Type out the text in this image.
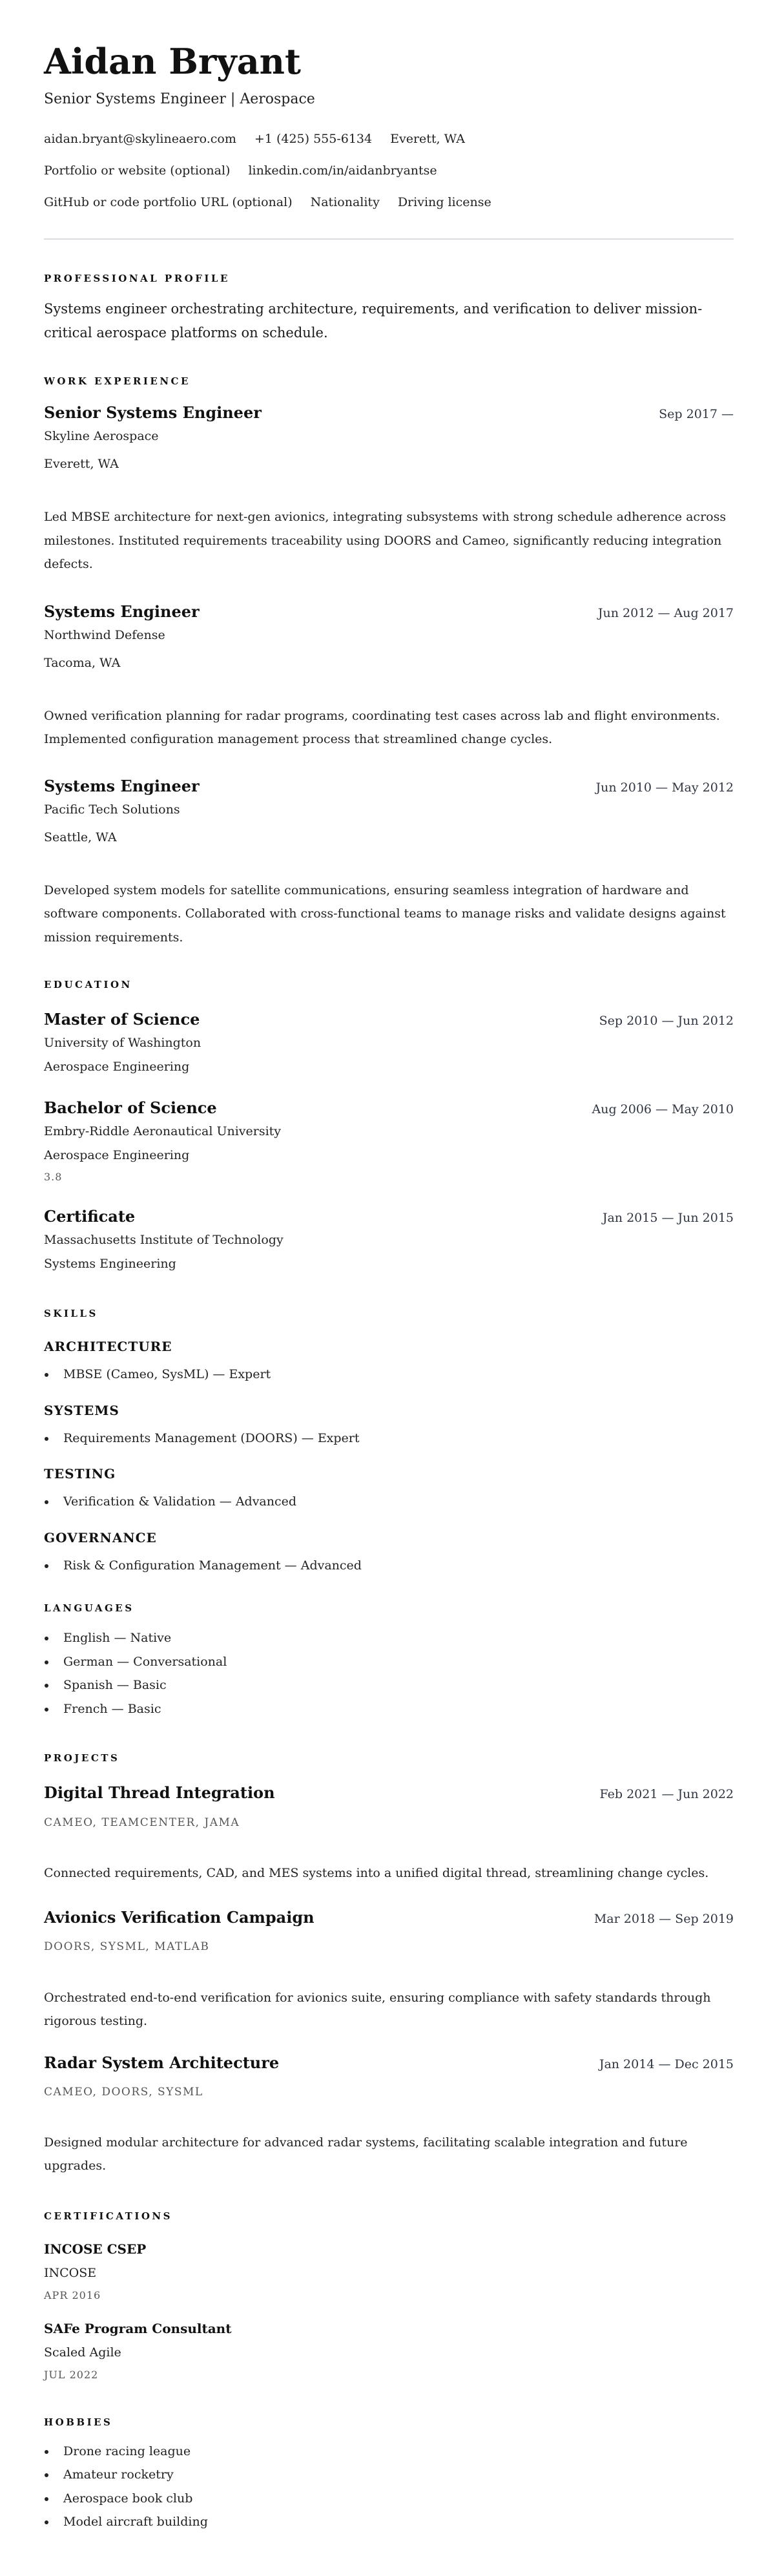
Aidan Bryant

Senior Systems Engineer | Aerospace

aidan.bryant@skylineaero.com +1 (425) 555-6134 Everett, WA
Portfolio or website (optional) linkedin.com/in/aidanbryantse
GitHub or code portfolio URL (optional) Nationality Driving license
PROFESSIONAL PROFILE

Systems engineer orchestrating architecture, requirements, and verification to deliver mission-critical aerospace platforms on schedule.

WORK EXPERIENCE
Senior Systems Engineer	Sep 2017 —
Skyline Aerospace
Everett, WA

Led MBSE architecture for next-gen avionics, integrating subsystems with strong schedule adherence across milestones. Instituted requirements traceability using DOORS and Cameo, significantly reducing integration defects.

Systems Engineer	Jun 2012 — Aug 2017
Northwind Defense
Tacoma, WA

Owned verification planning for radar programs, coordinating test cases across lab and flight environments. Implemented configuration management process that streamlined change cycles.

Systems Engineer	Jun 2010 — May 2012
Pacific Tech Solutions
Seattle, WA

Developed system models for satellite communications, ensuring seamless integration of hardware and software components. Collaborated with cross-functional teams to manage risks and validate designs against mission requirements.

EDUCATION
Master of Science	Sep 2010 — Jun 2012
University of Washington
Aerospace Engineering
Bachelor of Science	Aug 2006 — May 2010
Embry-Riddle Aeronautical University
Aerospace Engineering
3.8
Certificate	Jan 2015 — Jun 2015
Massachusetts Institute of Technology
Systems Engineering
SKILLS
ARCHITECTURE
MBSE (Cameo, SysML) — Expert
SYSTEMS
Requirements Management (DOORS) — Expert
TESTING
Verification & Validation — Advanced
GOVERNANCE
Risk & Configuration Management — Advanced
LANGUAGES
English — Native
German — Conversational
Spanish — Basic
French — Basic
PROJECTS
Digital Thread Integration	Feb 2021 — Jun 2022
CAMEO, TEAMCENTER, JAMA

Connected requirements, CAD, and MES systems into a unified digital thread, streamlining change cycles.

Avionics Verification Campaign	Mar 2018 — Sep 2019
DOORS, SYSML, MATLAB

Orchestrated end-to-end verification for avionics suite, ensuring compliance with safety standards through rigorous testing.

Radar System Architecture	Jan 2014 — Dec 2015
CAMEO, DOORS, SYSML

Designed modular architecture for advanced radar systems, facilitating scalable integration and future upgrades.

CERTIFICATIONS
INCOSE CSEP
INCOSE
APR 2016
SAFe Program Consultant
Scaled Agile
JUL 2022
HOBBIES
Drone racing league
Amateur rocketry
Aerospace book club
Model aircraft building
